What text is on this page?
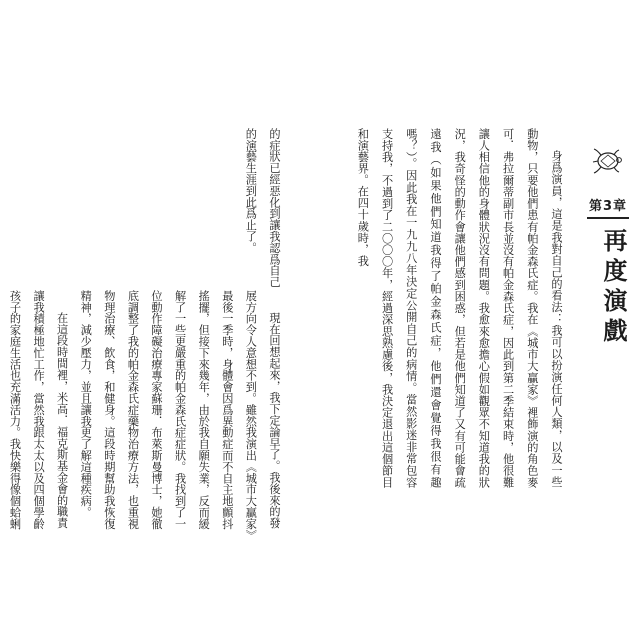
第3章
再度演戲

身爲演員，這是我對自己的看法：我可以扮演任何人類，以及一些動物，只要他們患有帕金森氏症。我在《城市大贏家》裡飾演的角色麥可．弗拉爾蒂副市長並沒有帕金森氏症，因此到第二季結束時，他很難讓人相信他的身體狀況沒有問題。我愈來愈擔心假如觀眾不知道我的狀況，我奇怪的動作會讓他們感到困惑，但若是他們知道了又有可能會疏遠我（如果他們知道我得了帕金森氏症，他們還會覺得我很有趣嗎？）。因此我在一九九八年決定公開自己的病情。當然影迷非常包容支持我，不過到了二〇〇〇年，經過深思熟慮後，我決定退出這個節目和演藝界。在四十歲時，我

的症狀已經惡化到讓我認爲自己的演藝生涯到此爲止了。

現在回想起來，我下定論早了。我後來的發展方向令人意想不到。雖然我演出《城市大贏家》最後一季時，身體會因爲異動症而不自主地顫抖搖擺，但接下來幾年，由於我自願失業，反而緩解了一些更嚴重的帕金森氏症症狀。我找到了一位動作障礙治療專家蘇珊．布萊斯曼博士，她徹底調整了我的帕金森氏症藥物治療方法，也重視物理治療、飲食，和健身。這段時期幫助我恢復精神，減少壓力，並且讓我更了解這種疾病。

在這段時間裡，米高．福克斯基金會的職責讓我積極地忙工作，當然我跟太太以及四個學齡孩子的家庭生活也充滿活力。我快樂得像個蛤蜊
